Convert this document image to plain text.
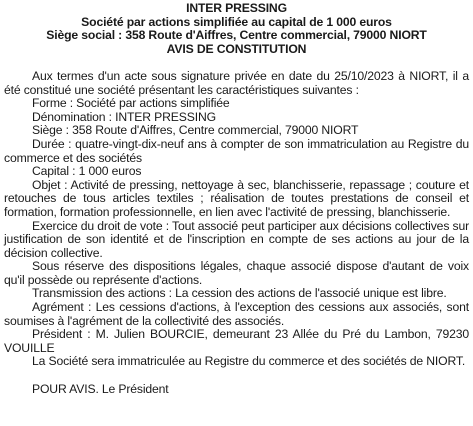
INTER PRESSING
Société par actions simplifiée au capital de 1 000 euros
Siège social : 358 Route d'Aiffres, Centre commercial, 79000 NIORT
AVIS DE CONSTITUTION

Aux termes d'un acte sous signature privée en date du 25/10/2023 à NIORT, il a été constitué une société présentant les caractéristiques suivantes :

Forme : Société par actions simplifiée

Dénomination : INTER PRESSING

Siège : 358 Route d'Aiffres, Centre commercial, 79000 NIORT

Durée : quatre-vingt-dix-neuf ans à compter de son immatriculation au Registre du commerce et des sociétés

Capital : 1 000 euros

Objet : Activité de pressing, nettoyage à sec, blanchisserie, repassage ; couture et retouches de tous articles textiles ; réalisation de toutes prestations de conseil et formation, formation professionnelle, en lien avec l'activité de pressing, blanchisserie.

Exercice du droit de vote : Tout associé peut participer aux décisions collectives sur justification de son identité et de l'inscription en compte de ses actions au jour de la décision collective.

Sous réserve des dispositions légales, chaque associé dispose d'autant de voix qu'il possède ou représente d'actions.

Transmission des actions : La cession des actions de l'associé unique est libre.

Agrément : Les cessions d'actions, à l'exception des cessions aux associés, sont soumises à l'agrément de la collectivité des associés.

Président : M. Julien BOURCIE, demeurant 23 Allée du Pré du Lambon, 79230 VOUILLE

La Société sera immatriculée au Registre du commerce et des sociétés de NIORT.

POUR AVIS. Le Président
